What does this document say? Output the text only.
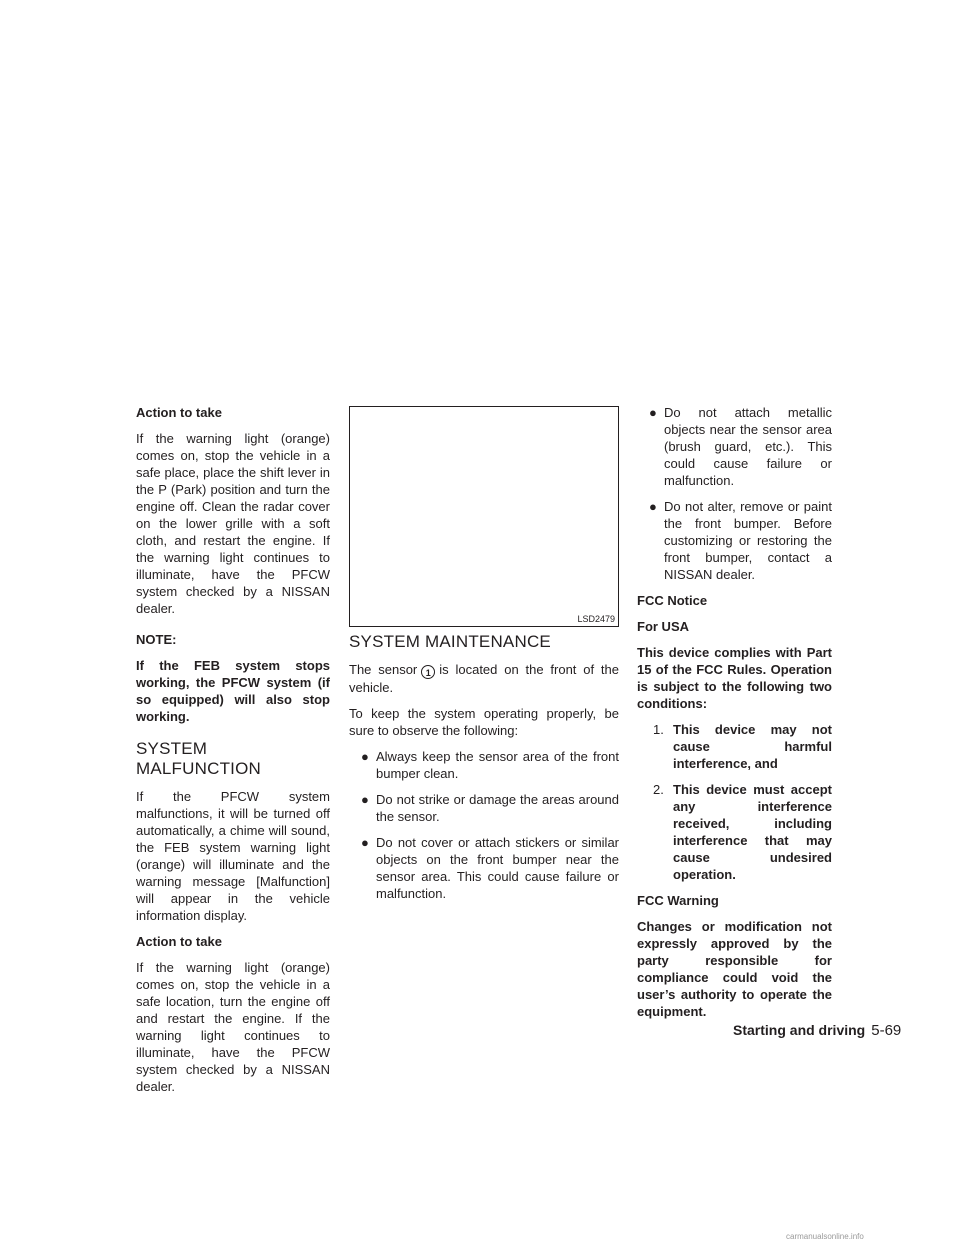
Action to take

If the warning light (orange) comes on, stop the vehicle in a safe place, place the shift lever in the P (Park) position and turn the engine off. Clean the radar cover on the lower grille with a soft cloth, and restart the engine. If the warning light continues to illuminate, have the PFCW system checked by a NISSAN dealer.

NOTE:

If the FEB system stops working, the PFCW system (if so equipped) will also stop working.

SYSTEM MALFUNCTION

If the PFCW system malfunctions, it will be turned off automatically, a chime will sound, the FEB system warning light (orange) will illuminate and the warning message [Malfunction] will appear in the vehicle information display.

Action to take

If the warning light (orange) comes on, stop the vehicle in a safe location, turn the engine off and restart the engine. If the warning light continues to illuminate, have the PFCW system checked by a NISSAN dealer.

LSD2479
SYSTEM MAINTENANCE

The sensor 1 is located on the front of the vehicle.

To keep the system operating properly, be sure to observe the following:

● Always keep the sensor area of the front bumper clean.
● Do not strike or damage the areas around the sensor.
● Do not cover or attach stickers or similar objects on the front bumper near the sensor area. This could cause failure or malfunction.
● Do not attach metallic objects near the sensor area (brush guard, etc.). This could cause failure or malfunction.
● Do not alter, remove or paint the front bumper. Before customizing or restoring the front bumper, contact a NISSAN dealer.

FCC Notice

For USA

This device complies with Part 15 of the FCC Rules. Operation is subject to the following two conditions:

1. This device may not cause harmful interference, and
2. This device must accept any interference received, including interference that may cause undesired operation.

FCC Warning

Changes or modification not expressly approved by the party responsible for compliance could void the user’s authority to operate the equipment.

Starting and driving 5-69
carmanualsonline.info
